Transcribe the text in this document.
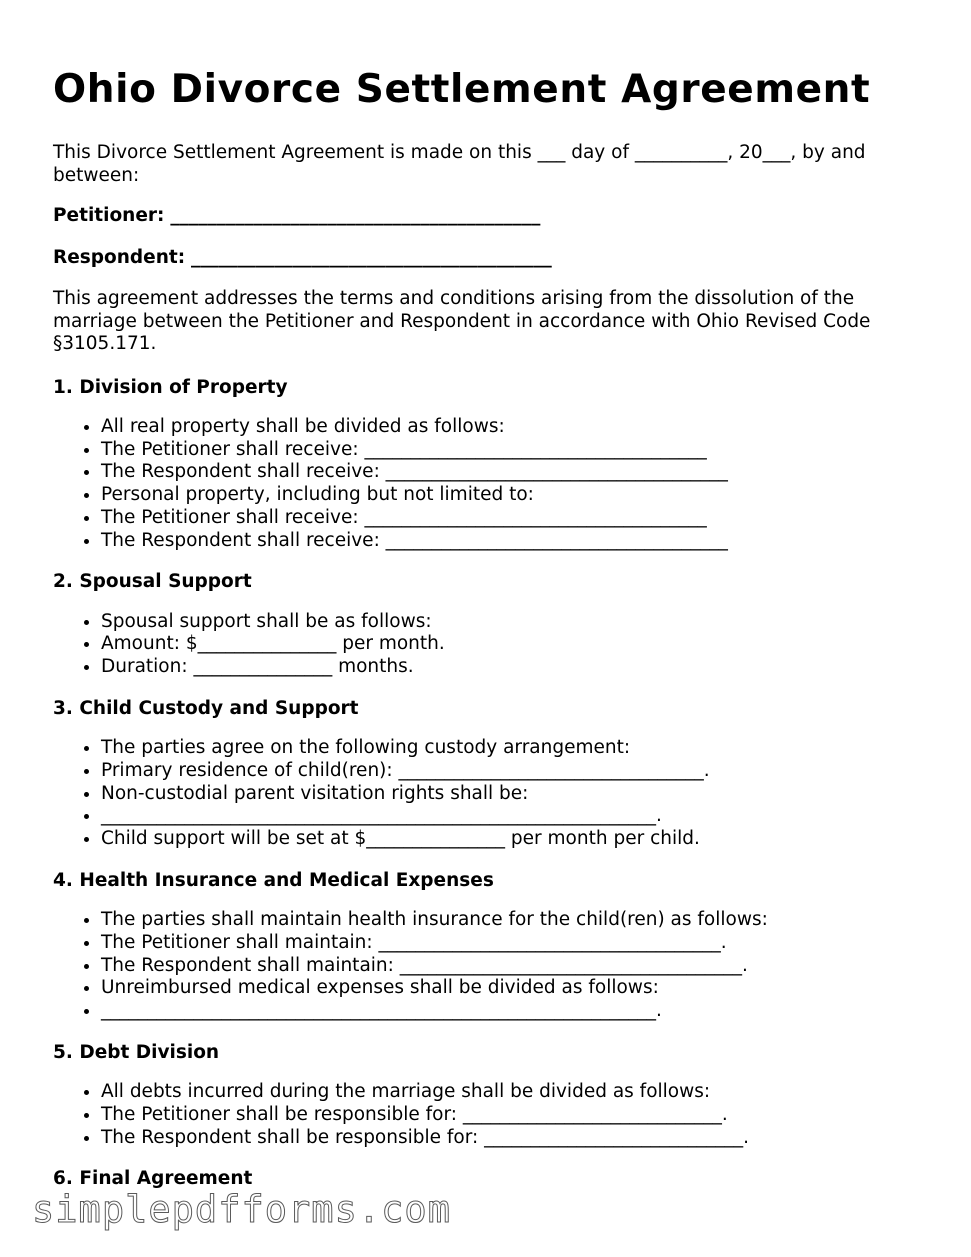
Ohio Divorce Settlement Agreement

This Divorce Settlement Agreement is made on this ___ day of __________, 20___, by and between:

Petitioner: ________________________________________
Respondent: _______________________________________

This agreement addresses the terms and conditions arising from the dissolution of the marriage between the Petitioner and Respondent in accordance with Ohio Revised Code §3105.171.

1. Division of Property
• All real property shall be divided as follows:
• The Petitioner shall receive: _____________________________________
• The Respondent shall receive: _____________________________________
• Personal property, including but not limited to:
• The Petitioner shall receive: _____________________________________
• The Respondent shall receive: _____________________________________
2. Spousal Support
• Spousal support shall be as follows:
• Amount: $_______________ per month.
• Duration: _______________ months.
3. Child Custody and Support
• The parties agree on the following custody arrangement:
• Primary residence of child(ren): _________________________________.
• Non-custodial parent visitation rights shall be:
• ____________________________________________________________.
• Child support will be set at $_______________ per month per child.
4. Health Insurance and Medical Expenses
• The parties shall maintain health insurance for the child(ren) as follows:
• The Petitioner shall maintain: _____________________________________.
• The Respondent shall maintain: _____________________________________.
• Unreimbursed medical expenses shall be divided as follows:
• ____________________________________________________________.
5. Debt Division
• All debts incurred during the marriage shall be divided as follows:
• The Petitioner shall be responsible for: ____________________________.
• The Respondent shall be responsible for: ____________________________.
6. Final Agreement
simplepdfforms.com
